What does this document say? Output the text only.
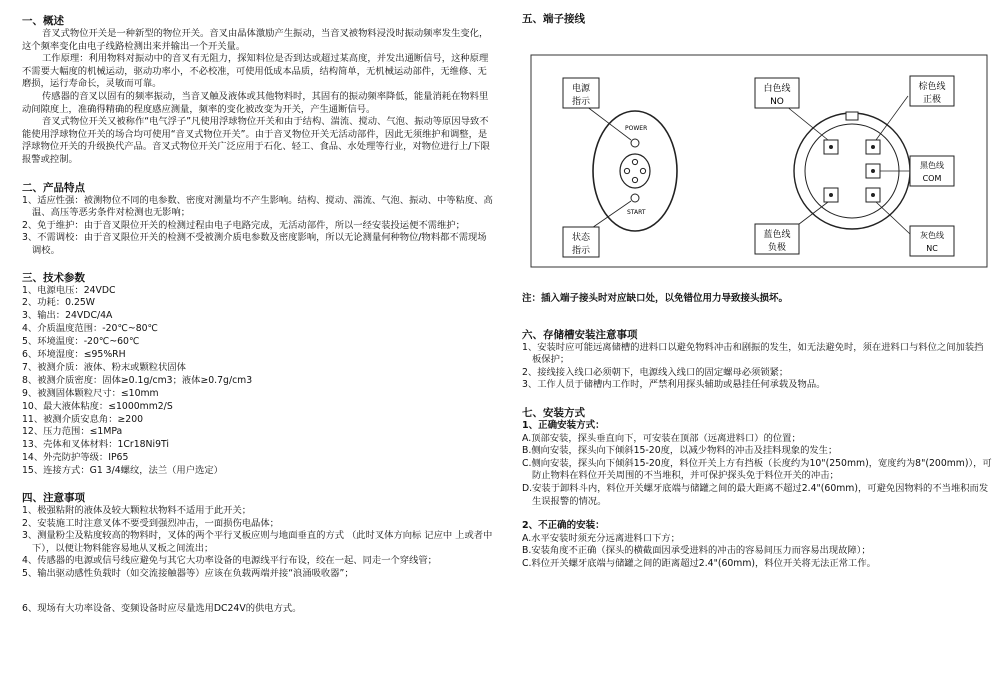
一、概述
音叉式物位开关是一种新型的物位开关。音叉由晶体激励产生振动，当音叉被物料浸没时振动频率发生变化，这个频率变化由电子线路检测出来并输出一个开关量。
工作原理：利用物料对振动中的音叉有无阻力，探知料位是否到达或超过某高度，并发出通断信号，这种原理不需要大幅度的机械运动，驱动功率小，不必校准，可使用低成本品质，结构简单，无机械运动部件，无维修、无磨损，运行寿命长，灵敏而可靠。
传感器的音叉以固有的频率振动，当音叉触及液体或其他物料时，其固有的振动频率降低，能量消耗在物料里动间隙度上，准确得精确的程度感应测量，频率的变化被改变为开关，产生通断信号。
音叉式物位开关又被称作“电气浮子”凡使用浮球物位开关和由于结构、湍流、搅动、气泡、振动等原因导致不能使用浮球物位开关的场合均可使用“音叉式物位开关”。由于音叉物位开关无活动部件，因此无须维护和调整，是浮球物位开关的升级换代产品。音叉式物位开关广泛应用于石化、轻工、食品、水处理等行业，对物位进行上/下限报警或控制。
二、产品特点
1、适应性强：被测物位不同的电参数、密度对测量均不产生影响。结构、搅动、湍流、气泡、振动、中等粘度、高温、高压等恶劣条件对检测也无影响；
2、免于维护：由于音叉限位开关的检测过程由电子电路完成，无活动部件，所以一经安装投运便不需维护；
3、不需调校：由于音叉限位开关的检测不受被测介质电参数及密度影响，所以无论测量何种物位/物料都不需现场调校。
三、技术参数
1、电源电压：24VDC
2、功耗：0.25W
3、输出：24VDC/4A
4、介质温度范围：-20℃~80℃
5、环境温度：-20℃~60℃
6、环境湿度：≤95%RH
7、被测介质：液体、粉末或颗粒状固体
8、被测介质密度：固体≥0.1g/cm3；液体≥0.7g/cm3
9、被测固体颗粒尺寸：≤10mm
10、最大液体粘度：≤1000mm2/S
11、被测介质安息角：≥200
12、压力范围：≤1MPa
13、壳体和叉体材料：1Cr18Ni9Ti
14、外壳防护等级：IP65
15、连接方式：G1 3/4螺纹，法兰（用户选定）
四、注意事项
1、极强粘附的液体及较大颗粒状物料不适用于此开关；
2、安装施工时注意叉体不要受到强烈冲击，一面损伤电晶体；
3、测量粉尘及粘度较高的物料时，叉体的两个平行叉板应则与地面垂直的方式 （此时叉体方向标 记应中 上或者中下），以便让物料能容易地从叉板之间流出；
4、传感器的电源或信号线应避免与其它大功率设备的电源线平行布设，绞在一起、同走一个穿线管；
5、输出驱动感性负载时（如交流接触器等）应该在负载两端并接“浪涌吸收器”；
6、现场有大功率设备、变频设备时应尽量选用DC24V的供电方式。
五、端子接线
POWER
START
电源
指示
状态
指示
白色线
NO
棕色线
正极
黑色线
COM
蓝色线
负极
灰色线
NC
注：插入端子接头时对应缺口处，以免错位用力导致接头损坏。
六、存储槽安装注意事项
1、安装时应可能远离储槽的进料口以避免物料冲击和剧振的发生，如无法避免时，须在进料口与料位之间加装挡板保护；
2、接线接入线口必须朝下，电源线入线口的固定螺母必须锁紧；
3、工作人员于储槽内工作时，严禁利用探头辅助或悬挂任何承载及物品。
七、安装方式
1、正确安装方式：
A.顶部安装，探头垂直向下，可安装在顶部（远离进料口）的位置；
B.侧向安装，探头向下倾斜15-20度，以减少物料的冲击及挂料现象的发生；
C.侧向安装，探头向下倾斜15-20度，料位开关上方有挡板（长度约为10"(250mm)，宽度约为8"(200mm)），可防止物料在料位开关周围的不当堆积，并可保护探头免于料位开关的冲击；
D.安装于卸料斗内，料位开关螺牙底端与储罐之间的最大距离不超过2.4"(60mm)，可避免因物料的不当堆积而发生误报警的情况。
2、不正确的安装：
A.水平安装时须充分远离进料口下方；
B.安装角度不正确（探头的横截面因承受进料的冲击的容易间压力而容易出现故障）；
C.料位开关螺牙底端与储罐之间的距离超过2.4"(60mm)，料位开关将无法正常工作。
